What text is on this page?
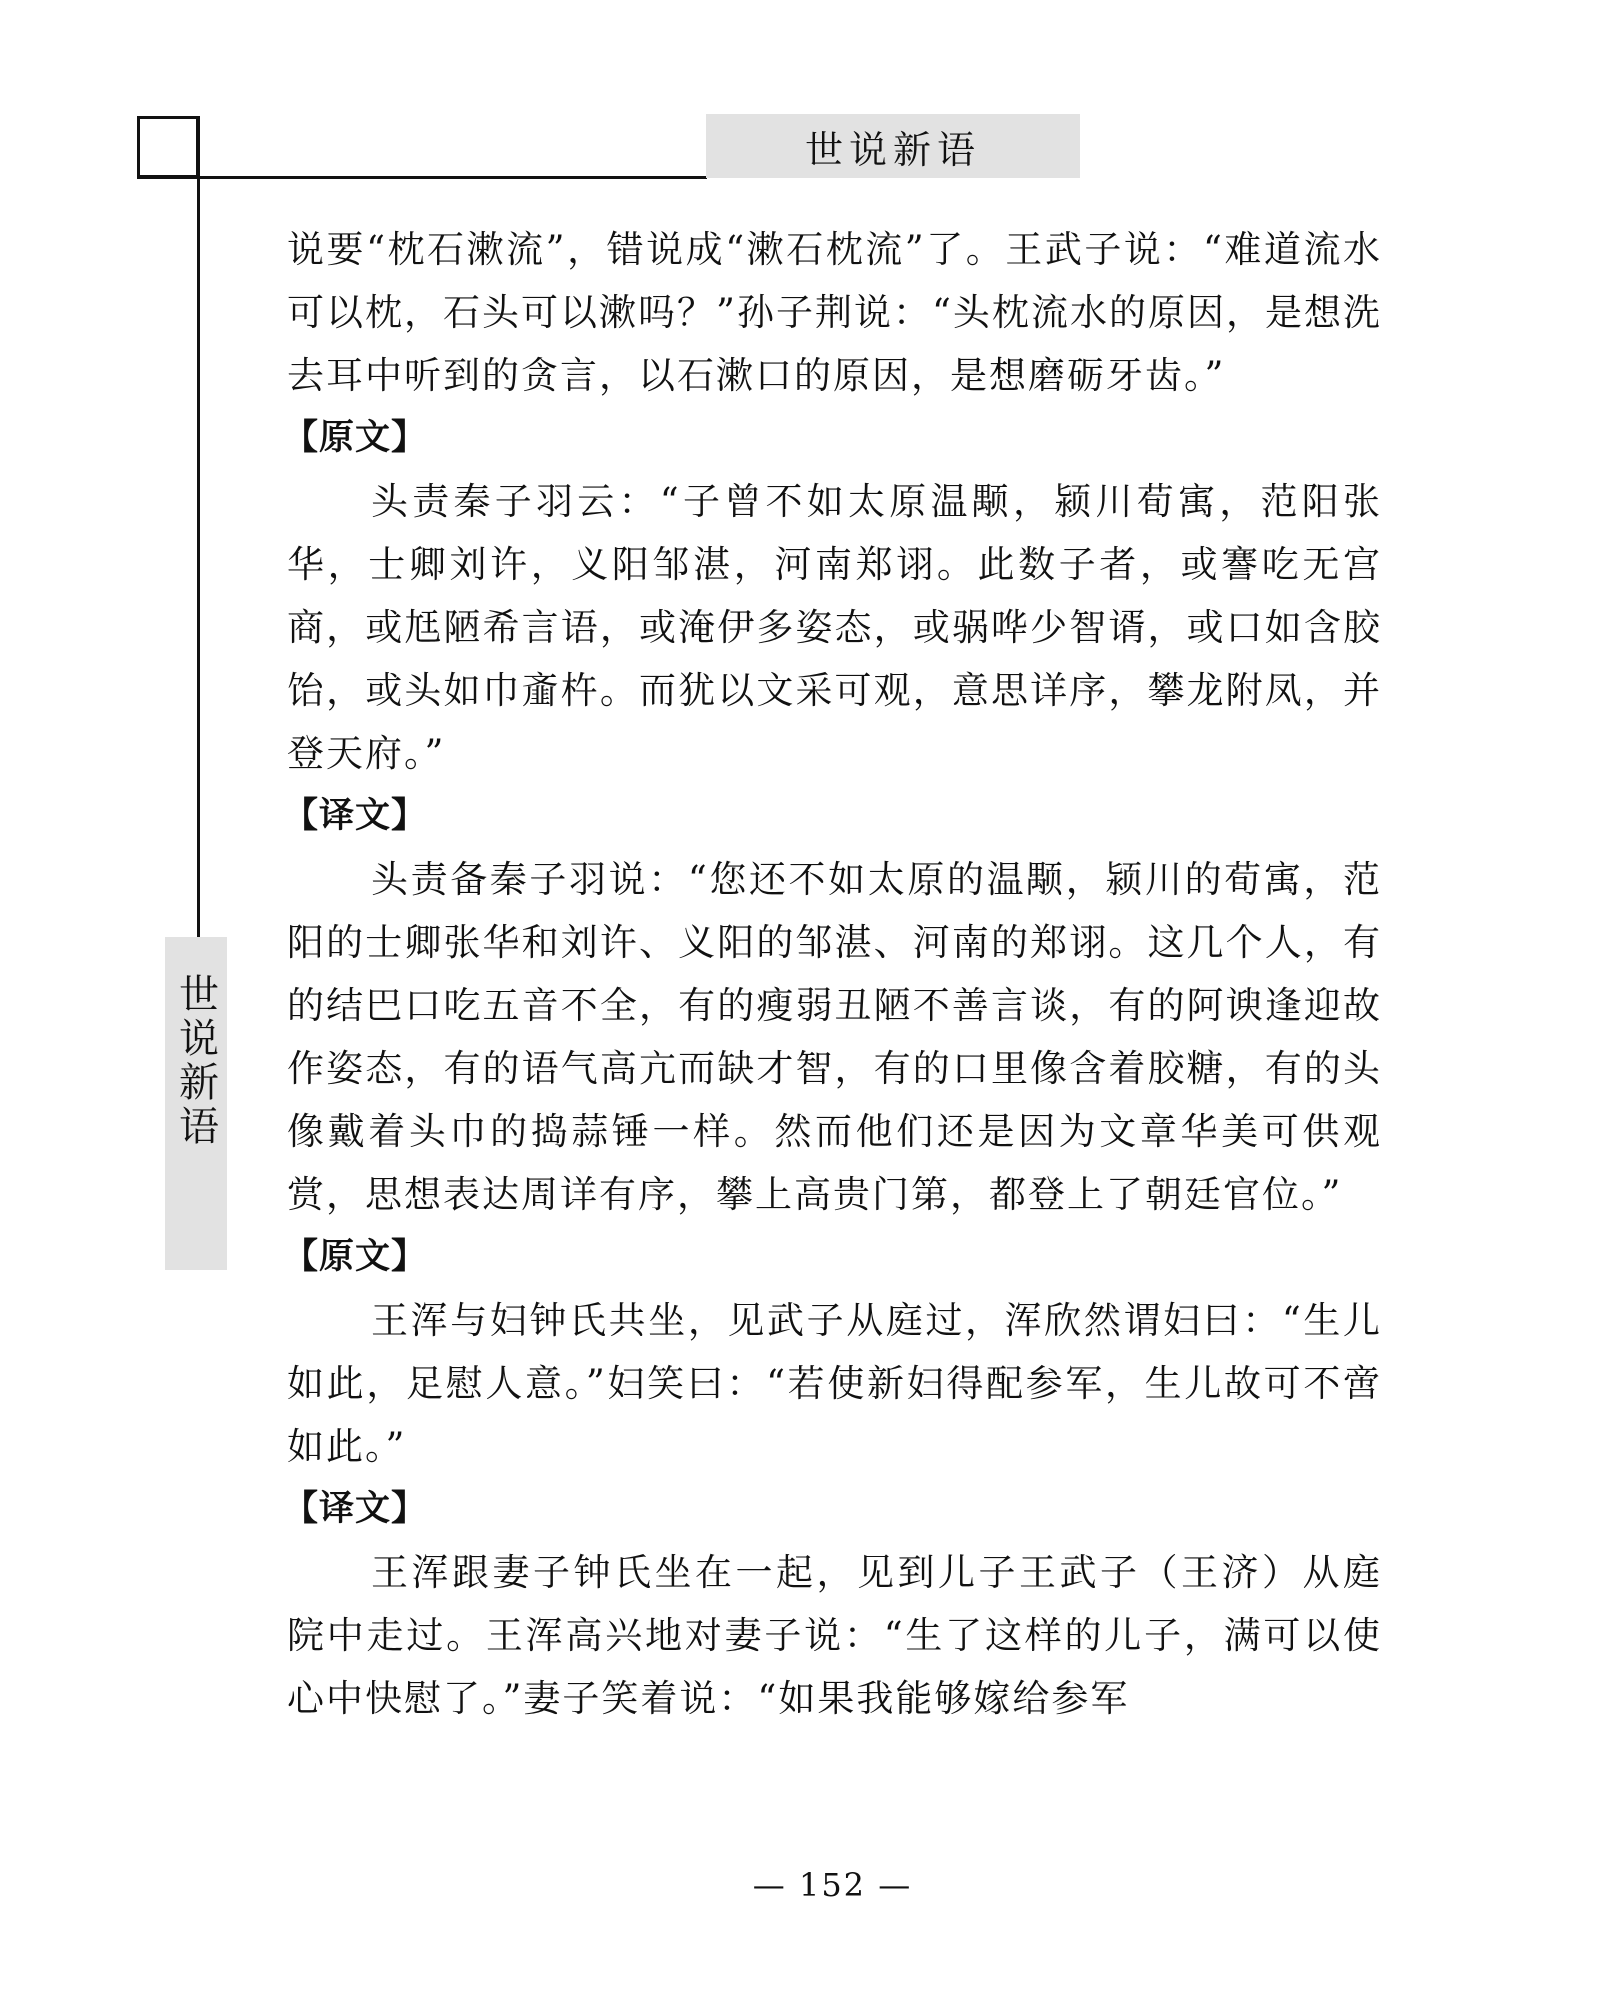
世说新语
世说新语

说要“枕石漱流”，错说成“漱石枕流”了。王武子说：“难道流水可以枕，石头可以漱吗？”孙子荆说：“头枕流水的原因，是想洗去耳中听到的贪言，以石漱口的原因，是想磨砺牙齿。”

【原文】

头责秦子羽云：“子曾不如太原温颙，颍川荀㝢，范阳张华，士卿刘许，义阳邹湛，河南郑诩。此数子者，或謇吃无宫商，或尪陋希言语，或淹伊多姿态，或䯄哗少智谞，或口如含胶饴，或头如巾齑杵。而犹以文采可观，意思详序，攀龙附凤，并登天府。”

【译文】

头责备秦子羽说：“您还不如太原的温颙，颍川的荀㝢，范阳的士卿张华和刘许、义阳的邹湛、河南的郑诩。这几个人，有的结巴口吃五音不全，有的瘦弱丑陋不善言谈，有的阿谀逢迎故作姿态，有的语气高亢而缺才智，有的口里像含着胶糖，有的头像戴着头巾的捣蒜锤一样。然而他们还是因为文章华美可供观赏，思想表达周详有序，攀上高贵门第，都登上了朝廷官位。”

【原文】

王浑与妇钟氏共坐，见武子从庭过，浑欣然谓妇曰：“生儿如此，足慰人意。”妇笑曰：“若使新妇得配参军，生儿故可不啻如此。”

【译文】

王浑跟妻子钟氏坐在一起，见到儿子王武子（王济）从庭院中走过。王浑高兴地对妻子说：“生了这样的儿子，满可以使心中快慰了。”妻子笑着说：“如果我能够嫁给参军

— 152 —
